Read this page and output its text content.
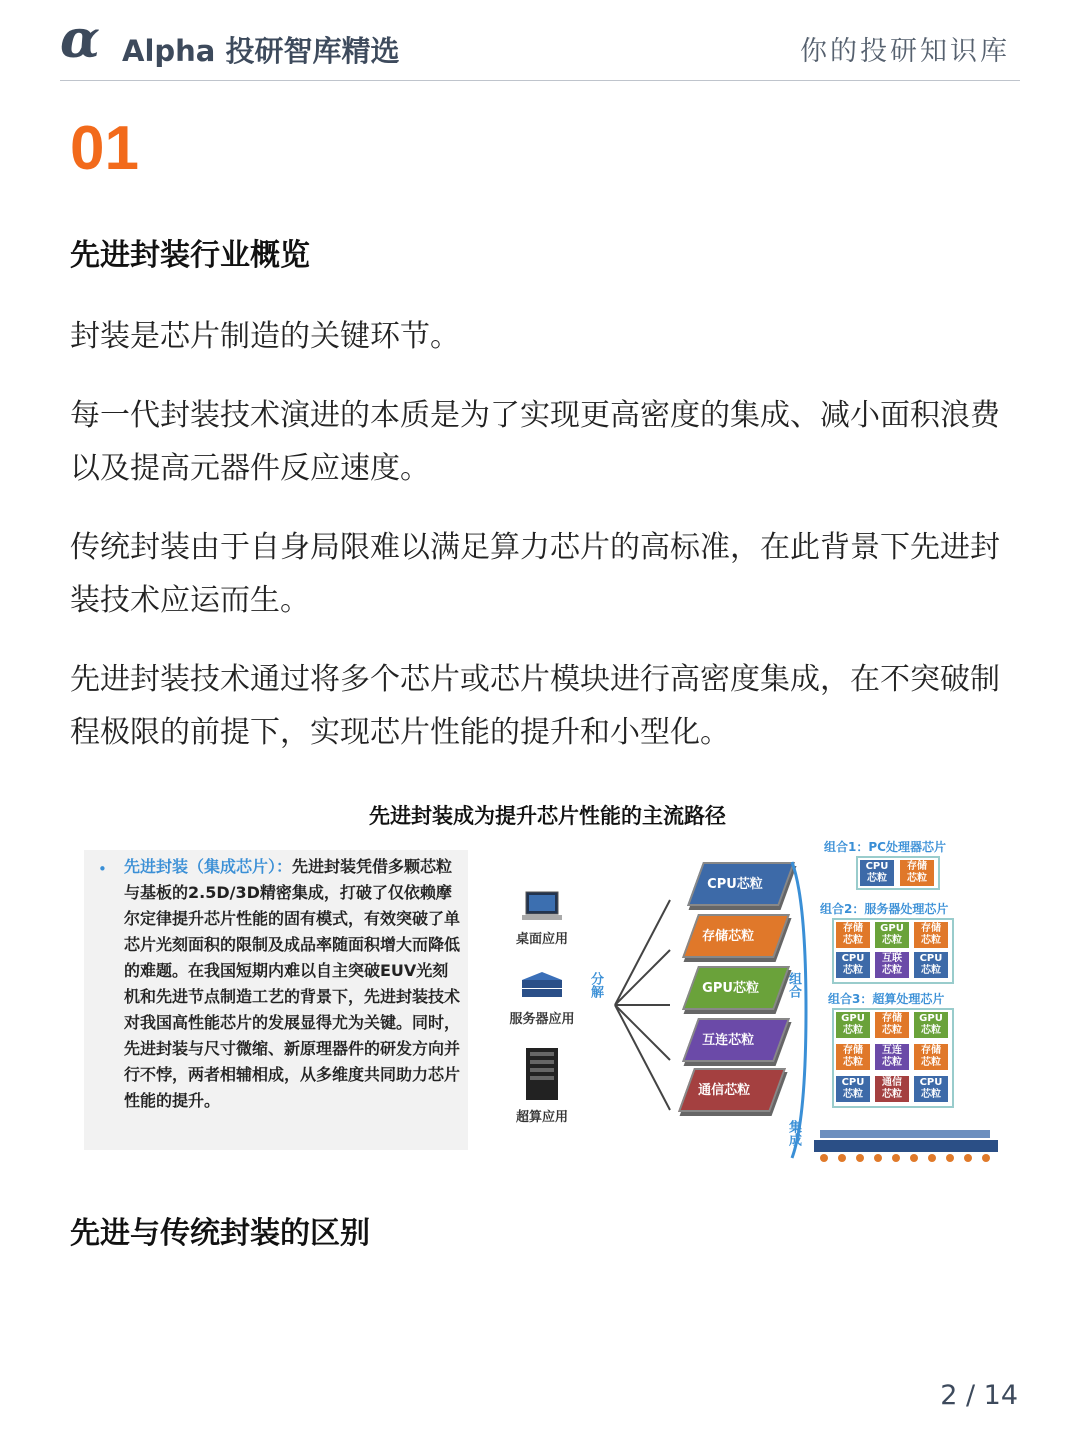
α Alpha 投研智库精选	你的投研知识库
01
先进封装行业概览

封装是芯片制造的关键环节。

每一代封装技术演进的本质是为了实现更高密度的集成、减小面积浪费以及提高元器件反应速度。

传统封装由于自身局限难以满足算力芯片的高标准，在此背景下先进封装技术应运而生。

先进封装技术通过将多个芯片或芯片模块进行高密度集成，在不突破制程极限的前提下，实现芯片性能的提升和小型化。

先进封装成为提升芯片性能的主流路径
• 先进封装（集成芯片）：先进封装凭借多颗芯粒与基板的2.5D/3D精密集成，打破了仅依赖摩尔定律提升芯片性能的固有模式，有效突破了单芯片光刻面积的限制及成品率随面积增大而降低的难题。在我国短期内难以自主突破EUV光刻机和先进节点制造工艺的背景下，先进封装技术对我国高性能芯片的发展显得尤为关键。同时，先进封装与尺寸微缩、新原理器件的研发方向并行不悖，两者相辅相成，从多维度共同助力芯片性能的提升。

桌面应用
服务器应用
超算应用
分解
CPU芯粒
存储芯粒
GPU芯粒
互连芯粒
通信芯粒
组合
集成
组合1：PC处理器芯片
CPU
芯粒
存储
芯粒
组合2：服务器处理芯片
存储
芯粒
GPU
芯粒
存储
芯粒
CPU
芯粒
互联
芯粒
CPU
芯粒
组合3：超算处理芯片
GPU
芯粒
存储
芯粒
GPU
芯粒
存储
芯粒
互连
芯粒
存储
芯粒
CPU
芯粒
通信
芯粒
CPU
芯粒
先进与传统封装的区别
2 / 14
